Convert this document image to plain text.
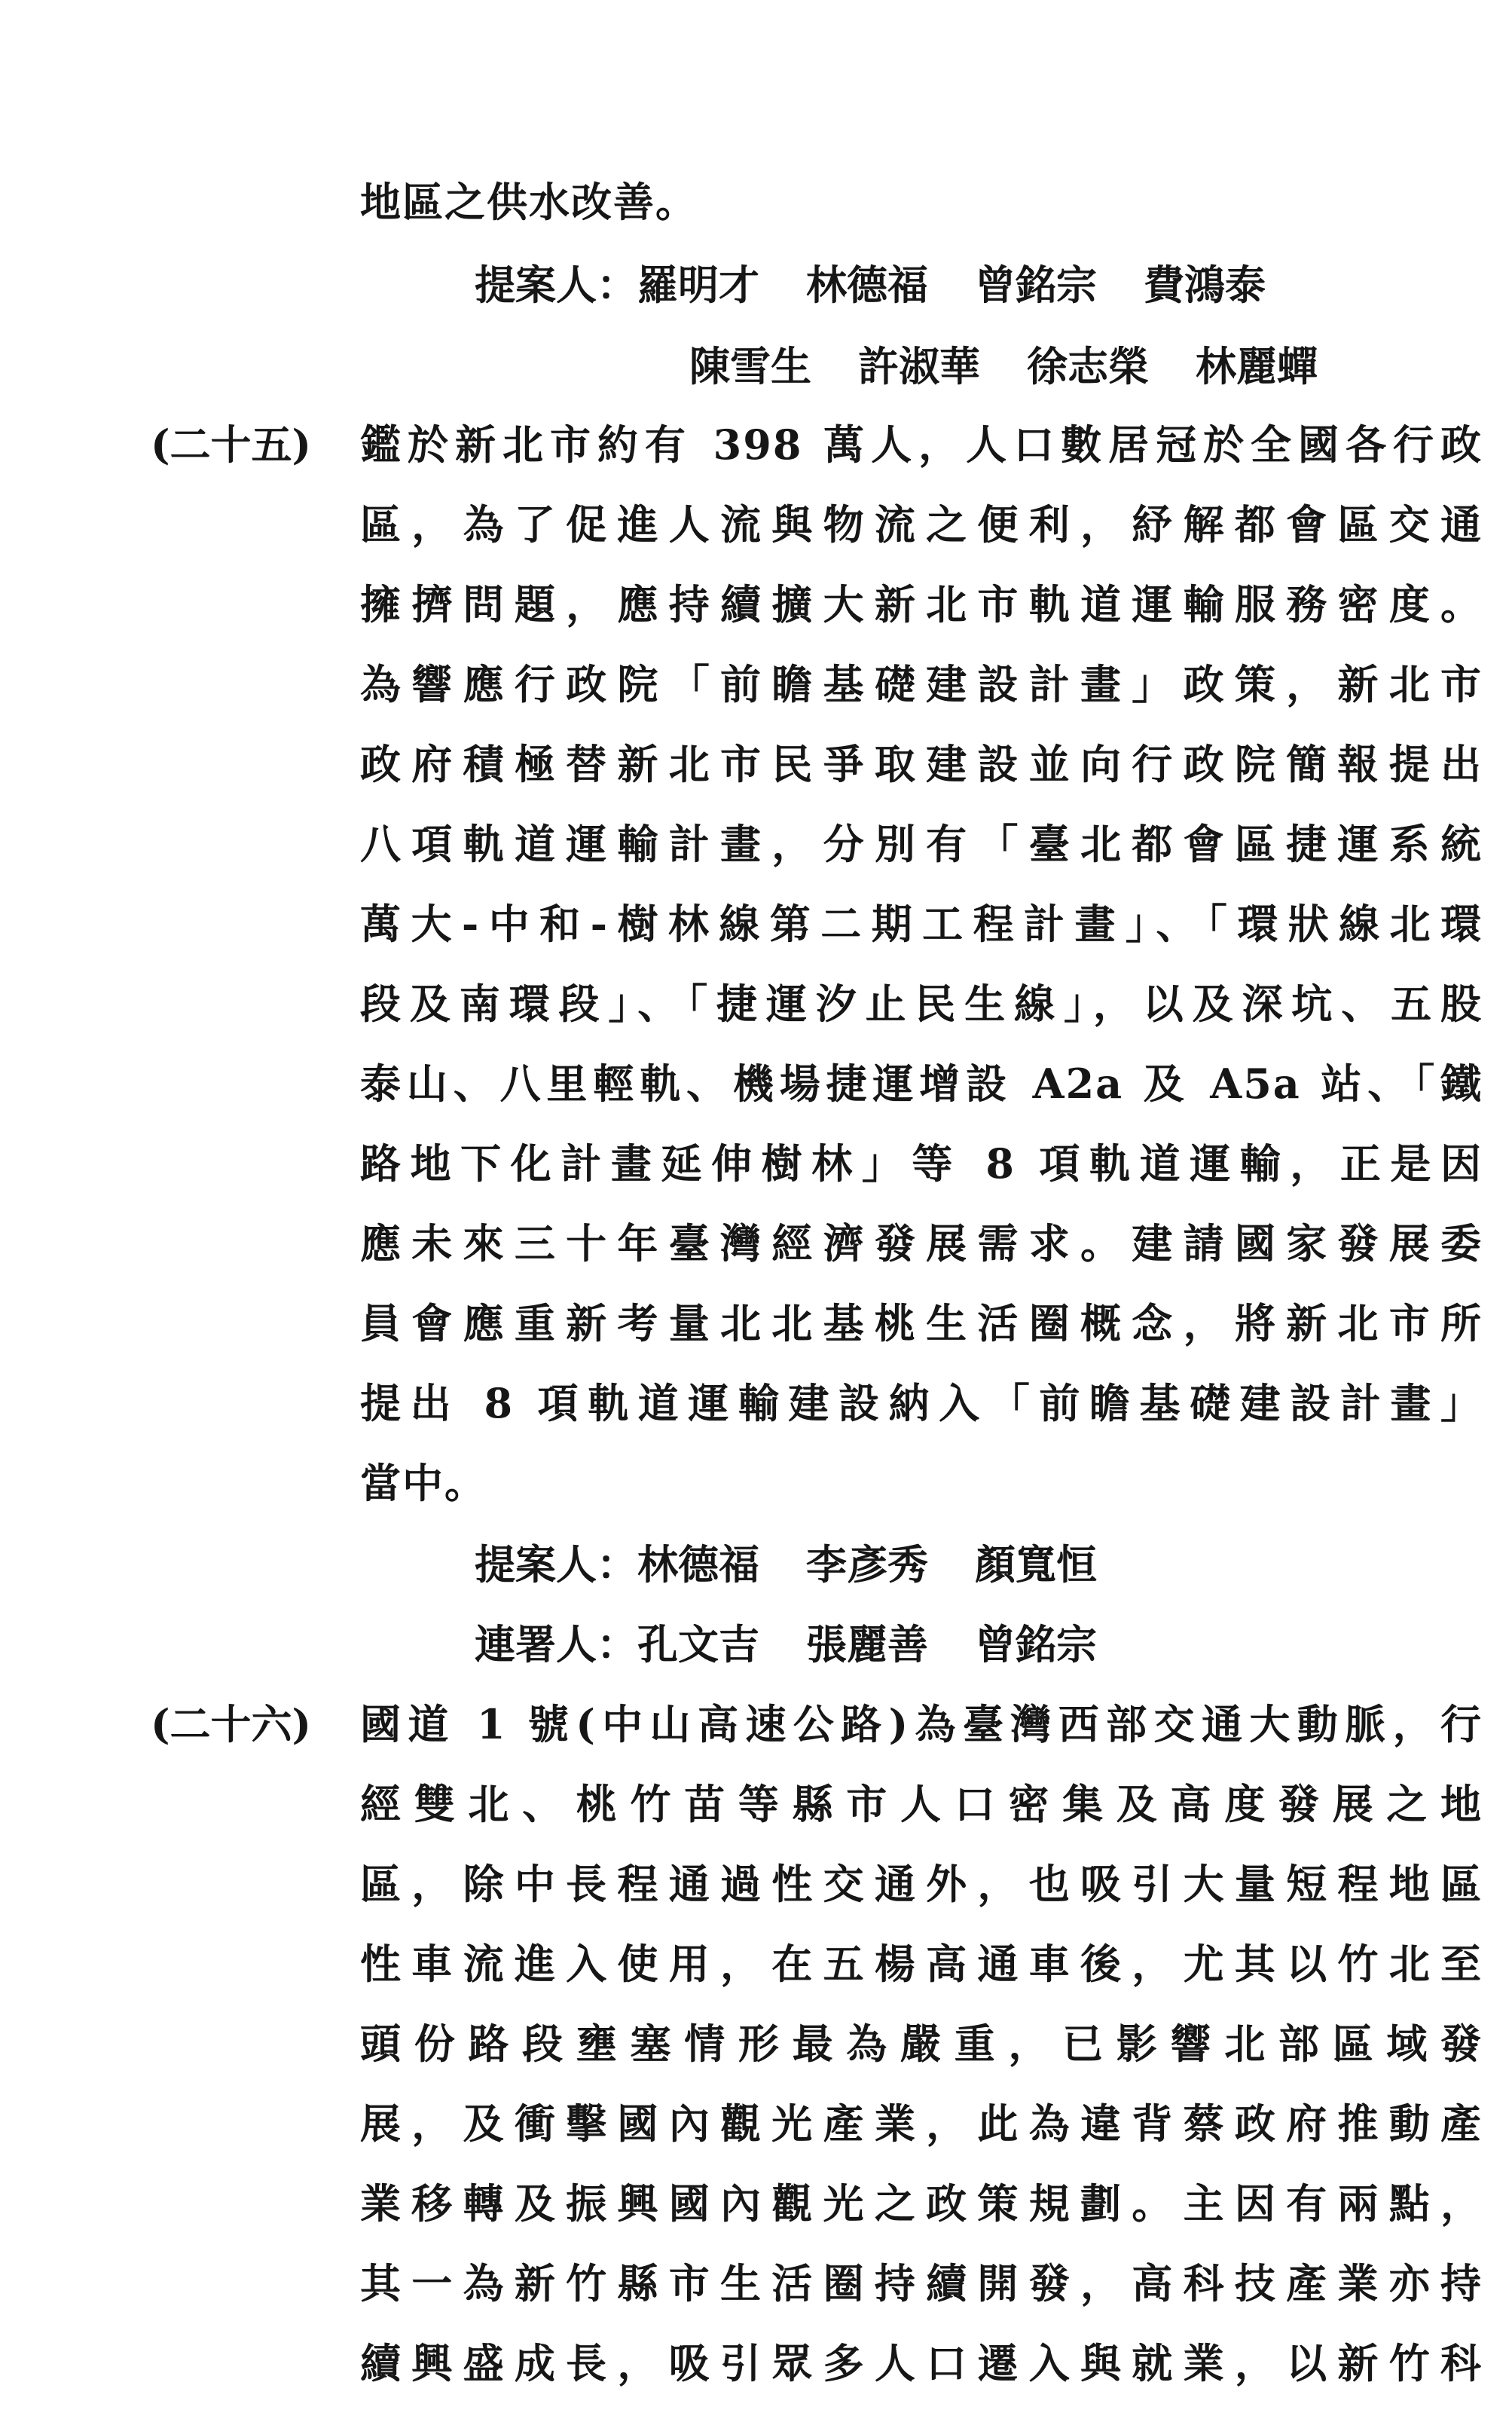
地區之供水改善。
提案人：羅明才 林德福 曾銘宗 費鴻泰
陳雪生 許淑華 徐志榮 林麗蟬
(二十五) 鑑於新北市約有 398 萬人，人口數居冠於全國各行政
區，為了促進人流與物流之便利，紓解都會區交通
擁擠問題，應持續擴大新北市軌道運輸服務密度。
為響應行政院「前瞻基礎建設計畫」政策，新北市
政府積極替新北市民爭取建設並向行政院簡報提出
八項軌道運輸計畫，分別有「臺北都會區捷運系統
萬大-中和-樹林線第二期工程計畫」、「環狀線北環
段及南環段」、「捷運汐止民生線」，以及深坑、五股
泰山、八里輕軌、機場捷運增設 A2a 及 A5a 站、「鐵
路地下化計畫延伸樹林」等 8 項軌道運輸，正是因
應未來三十年臺灣經濟發展需求。建請國家發展委
員會應重新考量北北基桃生活圈概念，將新北市所
提出 8 項軌道運輸建設納入「前瞻基礎建設計畫」
當中。
提案人：林德福 李彥秀 顏寬恒
連署人：孔文吉 張麗善 曾銘宗
(二十六) 國道 1 號(中山高速公路)為臺灣西部交通大動脈，行
經雙北、桃竹苗等縣市人口密集及高度發展之地
區，除中長程通過性交通外，也吸引大量短程地區
性車流進入使用，在五楊高通車後，尤其以竹北至
頭份路段壅塞情形最為嚴重，已影響北部區域發
展，及衝擊國內觀光產業，此為違背蔡政府推動產
業移轉及振興國內觀光之政策規劃。主因有兩點，
其一為新竹縣市生活圈持續開發，高科技產業亦持
續興盛成長，吸引眾多人口遷入與就業，以新竹科
